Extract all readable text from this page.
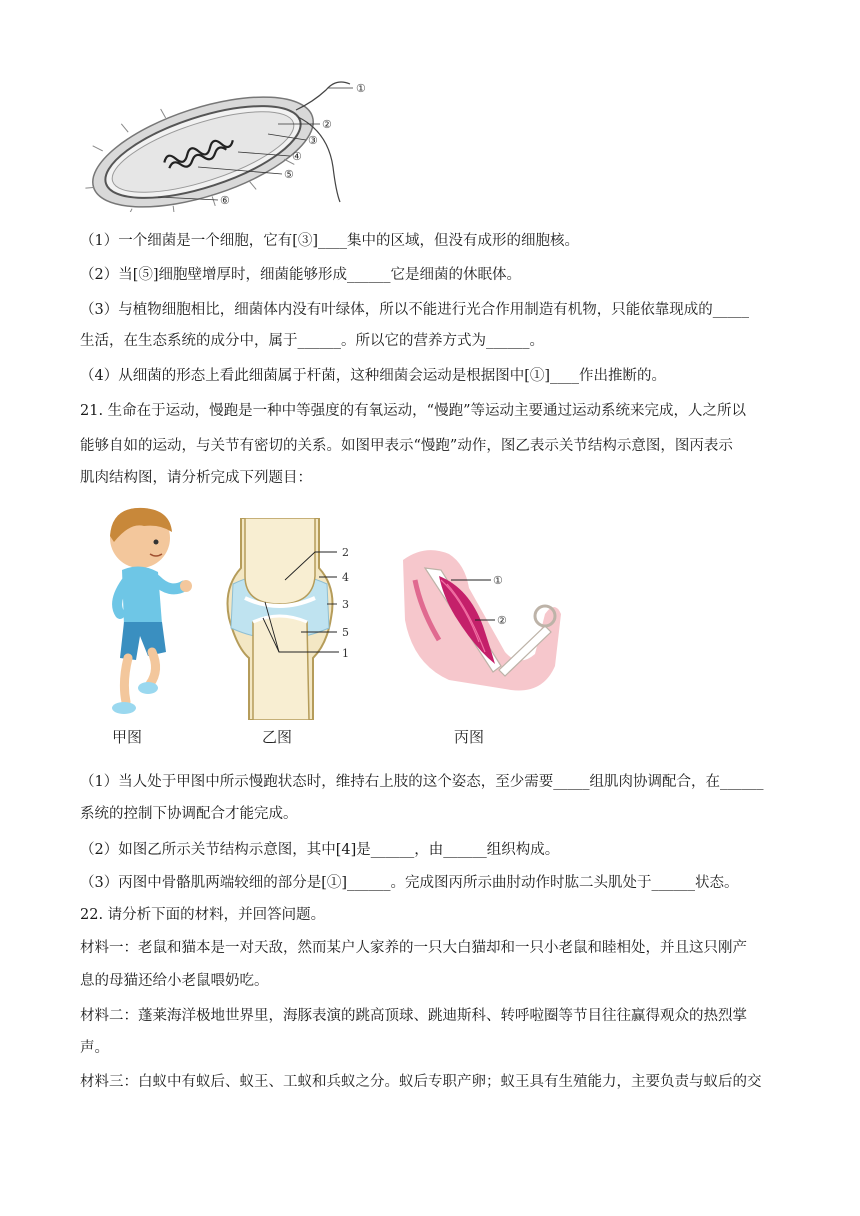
①
②
③
④
⑤
⑥
（1）一个细菌是一个细胞，它有[③]____集中的区域，但没有成形的细胞核。
（2）当[⑤]细胞壁增厚时，细菌能够形成______它是细菌的休眠体。
（3）与植物细胞相比，细菌体内没有叶绿体，所以不能进行光合作用制造有机物，只能依靠现成的_____
生活，在生态系统的成分中，属于______。所以它的营养方式为______。
（4）从细菌的形态上看此细菌属于杆菌，这种细菌会运动是根据图中[①]____作出推断的。
21. 生命在于运动，慢跑是一种中等强度的有氧运动，“慢跑”等运动主要通过运动系统来完成，人之所以
能够自如的运动，与关节有密切的关系。如图甲表示“慢跑”动作，图乙表示关节结构示意图，图丙表示
肌肉结构图，请分析完成下列题目：
2
4
3
5
1
①
②
甲图	乙图	丙图
（1）当人处于甲图中所示慢跑状态时，维持右上肢的这个姿态，至少需要_____组肌肉协调配合，在______
系统的控制下协调配合才能完成。
（2）如图乙所示关节结构示意图，其中[4]是______，由______组织构成。
（3）丙图中骨骼肌两端较细的部分是[①]______。完成图丙所示曲肘动作时肱二头肌处于______状态。
22. 请分析下面的材料，并回答问题。
材料一：老鼠和猫本是一对天敌，然而某户人家养的一只大白猫却和一只小老鼠和睦相处，并且这只刚产
息的母猫还给小老鼠喂奶吃。
材料二：蓬莱海洋极地世界里，海豚表演的跳高顶球、跳迪斯科、转呼啦圈等节目往往赢得观众的热烈掌
声。
材料三：白蚁中有蚁后、蚁王、工蚁和兵蚁之分。蚁后专职产卵；蚁王具有生殖能力，主要负责与蚁后的交
